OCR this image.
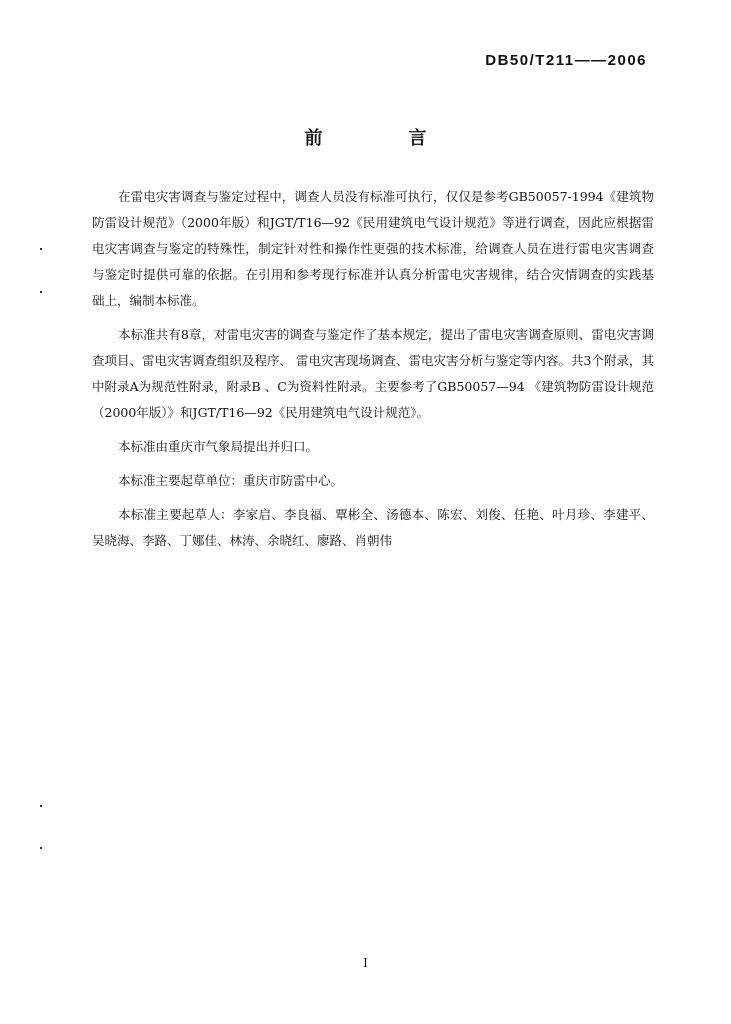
DB50/T211——2006
前　言

在雷电灾害调查与鉴定过程中，调查人员没有标准可执行，仅仅是参考GB50057-1994《建筑物防雷设计规范》（2000年版）和JGT/T16—92《民用建筑电气设计规范》等进行调查，因此应根据雷电灾害调查与鉴定的特殊性，制定针对性和操作性更强的技术标准，给调查人员在进行雷电灾害调查与鉴定时提供可靠的依据。在引用和参考现行标准并认真分析雷电灾害规律，结合灾情调查的实践基础上，编制本标准。

本标准共有8章，对雷电灾害的调查与鉴定作了基本规定，提出了雷电灾害调查原则、雷电灾害调查项目、雷电灾害调查组织及程序、 雷电灾害现场调查、雷电灾害分析与鉴定等内容。共3个附录，其中附录A为规范性附录，附录B 、C为资料性附录。主要参考了GB50057—94 《建筑物防雷设计规范（2000年版）》和JGT/T16—92《民用建筑电气设计规范》。

本标准由重庆市气象局提出并归口。

本标准主要起草单位：重庆市防雷中心。

本标准主要起草人：李家启、李良福、覃彬全、汤德本、陈宏、刘俊、任艳、叶月珍、李建平、吴晓海、李路、丁娜佳、林涛、余晓红、廖路、肖朝伟

I
